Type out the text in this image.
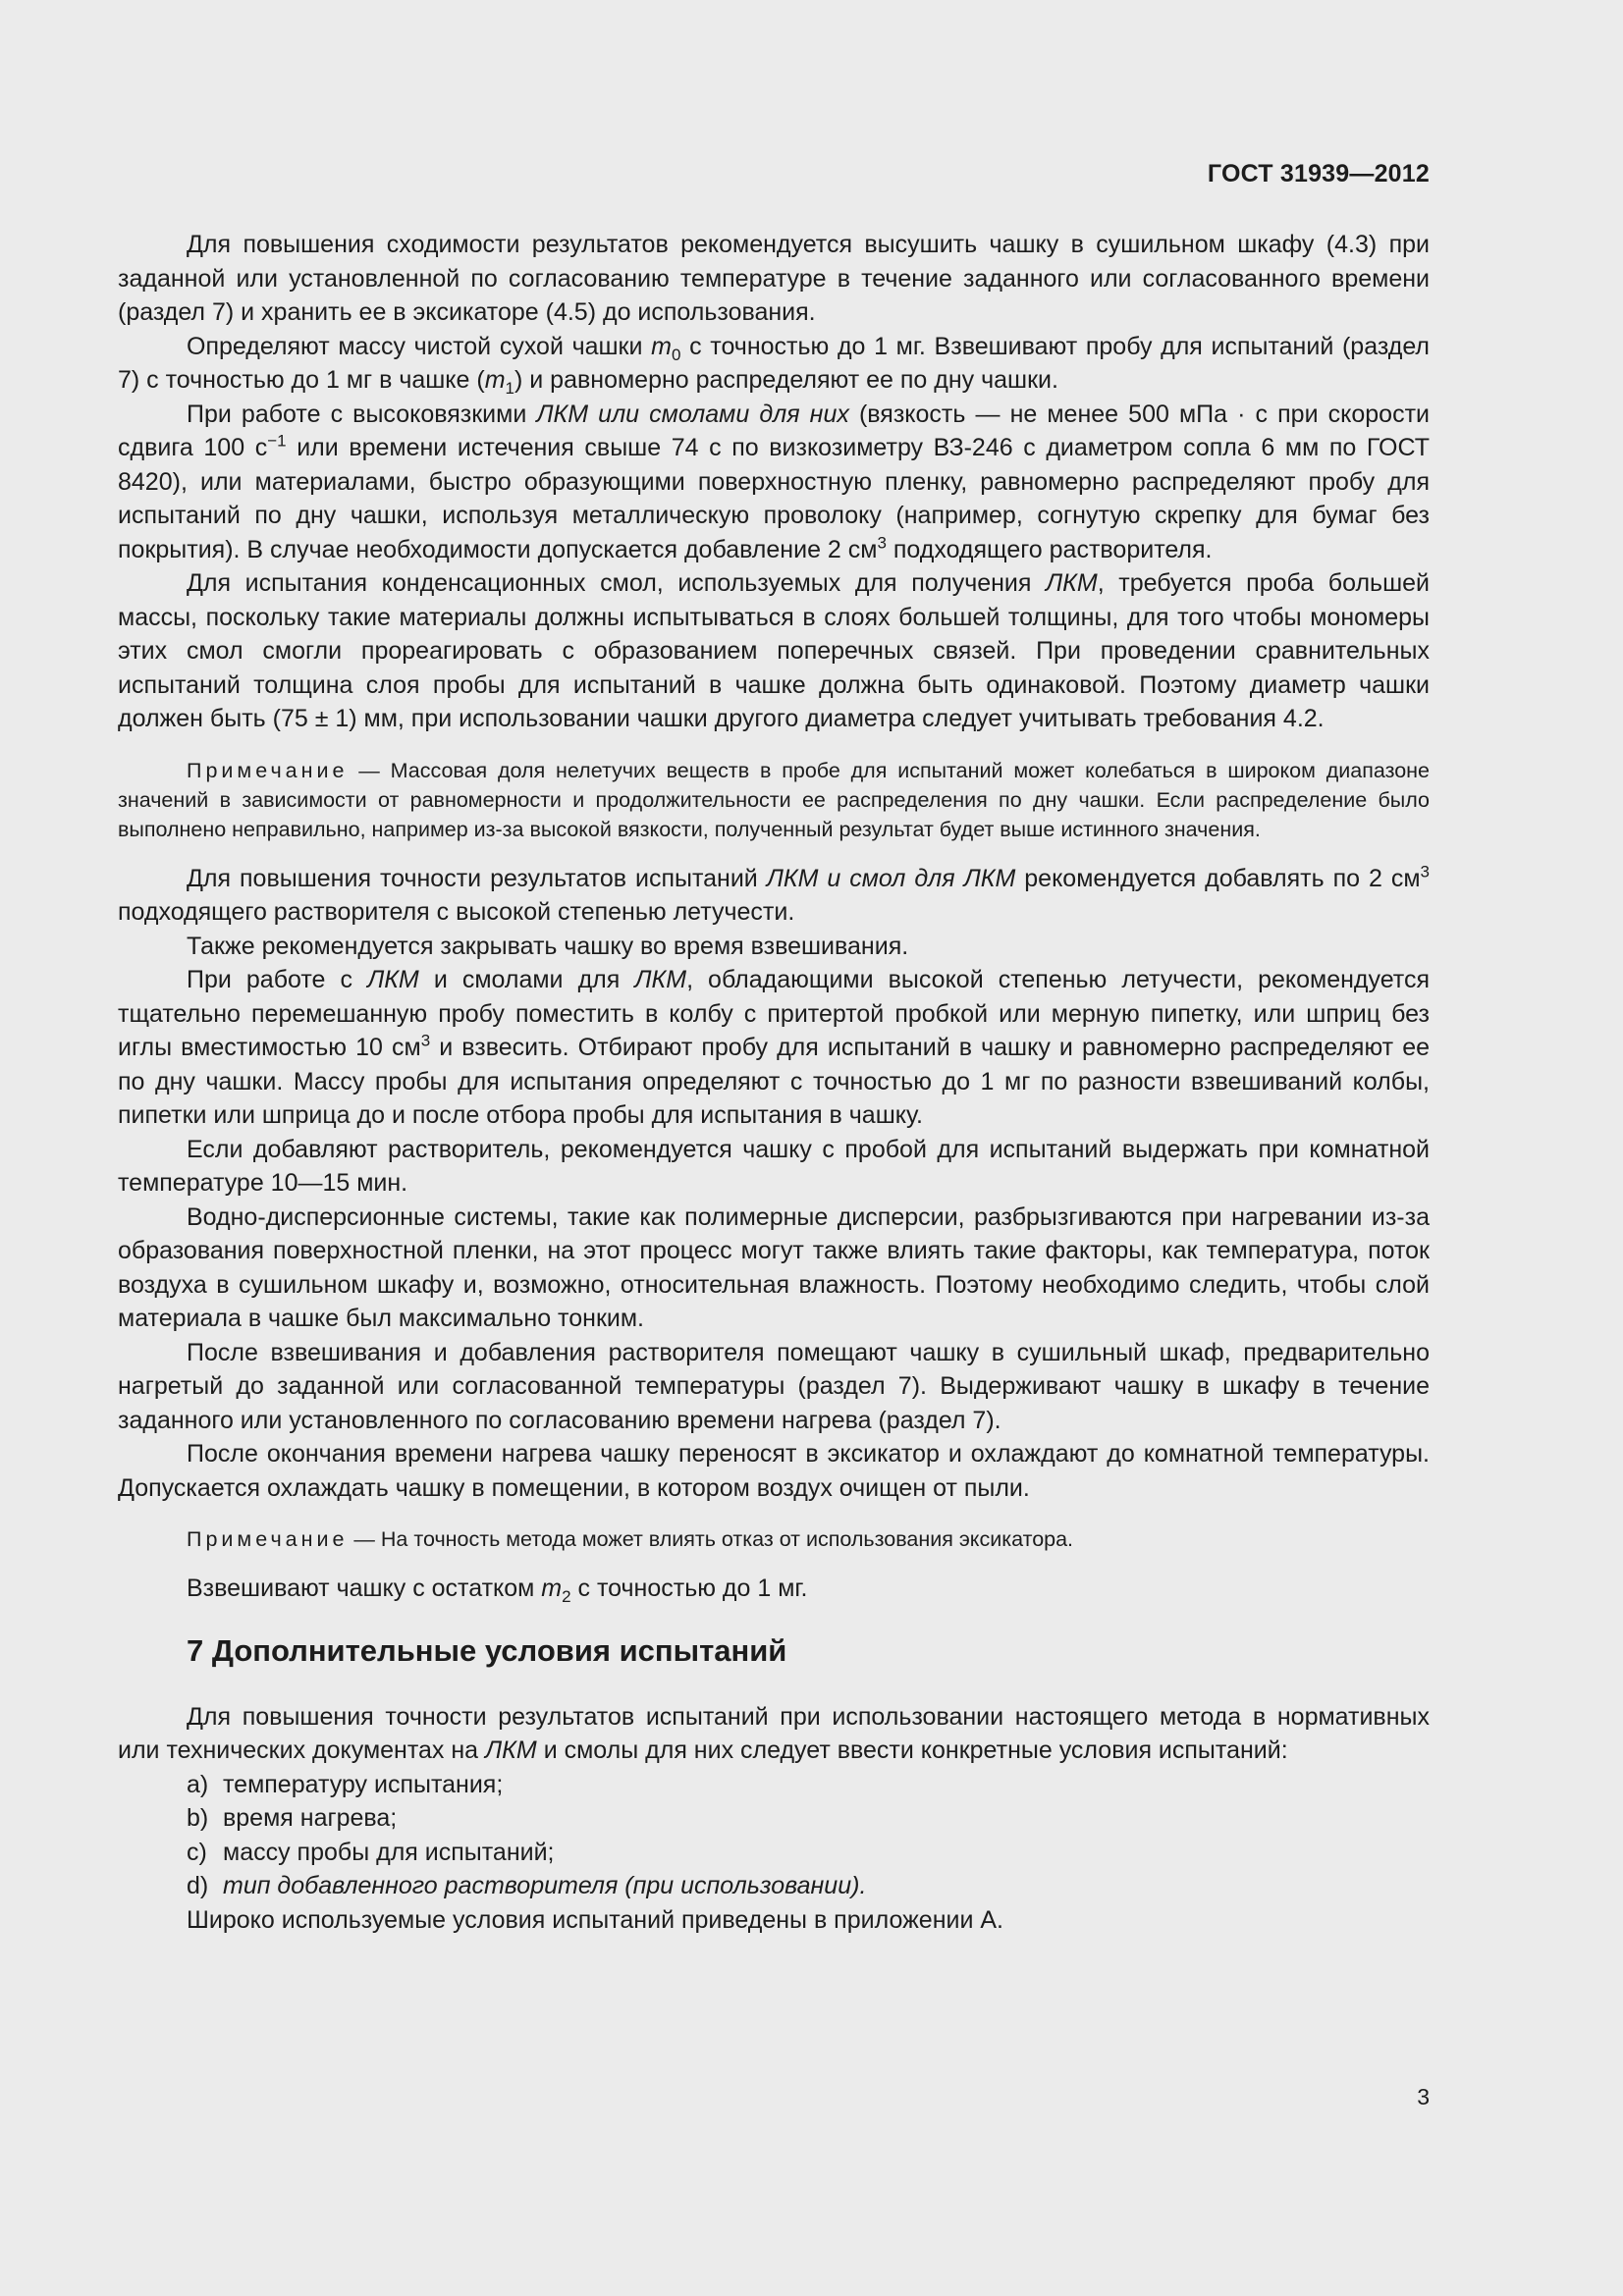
ГОСТ 31939—2012

Для повышения сходимости результатов рекомендуется высушить чашку в сушильном шкафу (4.3) при заданной или установленной по согласованию температуре в течение заданного или согласованного времени (раздел 7) и хранить ее в эксикаторе (4.5) до использования.

Определяют массу чистой сухой чашки $m_0$ с точностью до 1 мг. Взвешивают пробу для испытаний (раздел 7) с точностью до 1 мг в чашке $(m_1)$ и равномерно распределяют ее по дну чашки.

При работе с высоковязкими ЛКМ или смолами для них (вязкость — не менее 500 мПа · с при скорости сдвига 100 $с^{-1}$ или времени истечения свыше 74 с по визкозиметру ВЗ-246 с диаметром сопла 6 мм по ГОСТ 8420), или материалами, быстро образующими поверхностную пленку, равномерно распределяют пробу для испытаний по дну чашки, используя металлическую проволоку (например, согнутую скрепку для бумаг без покрытия). В случае необходимости допускается добавление 2 $см^3$ подходящего растворителя.

Для испытания конденсационных смол, используемых для получения ЛКМ, требуется проба большей массы, поскольку такие материалы должны испытываться в слоях большей толщины, для того чтобы мономеры этих смол смогли прореагировать с образованием поперечных связей. При проведении сравнительных испытаний толщина слоя пробы для испытаний в чашке должна быть одинаковой. Поэтому диаметр чашки должен быть (75 ± 1) мм, при использовании чашки другого диаметра следует учитывать требования 4.2.

Примечание — Массовая доля нелетучих веществ в пробе для испытаний может колебаться в широком диапазоне значений в зависимости от равномерности и продолжительности ее распределения по дну чашки. Если распределение было выполнено неправильно, например из-за высокой вязкости, полученный результат будет выше истинного значения.

Для повышения точности результатов испытаний ЛКМ и смол для ЛКМ рекомендуется добавлять по 2 $см^3$ подходящего растворителя с высокой степенью летучести.

Также рекомендуется закрывать чашку во время взвешивания.

При работе с ЛКМ и смолами для ЛКМ, обладающими высокой степенью летучести, рекомендуется тщательно перемешанную пробу поместить в колбу с притертой пробкой или мерную пипетку, или шприц без иглы вместимостью 10 $см^3$ и взвесить. Отбирают пробу для испытаний в чашку и равномерно распределяют ее по дну чашки. Массу пробы для испытания определяют с точностью до 1 мг по разности взвешиваний колбы, пипетки или шприца до и после отбора пробы для испытания в чашку.

Если добавляют растворитель, рекомендуется чашку с пробой для испытаний выдержать при комнатной температуре 10—15 мин.

Водно-дисперсионные системы, такие как полимерные дисперсии, разбрызгиваются при нагревании из-за образования поверхностной пленки, на этот процесс могут также влиять такие факторы, как температура, поток воздуха в сушильном шкафу и, возможно, относительная влажность. Поэтому необходимо следить, чтобы слой материала в чашке был максимально тонким.

После взвешивания и добавления растворителя помещают чашку в сушильный шкаф, предварительно нагретый до заданной или согласованной температуры (раздел 7). Выдерживают чашку в шкафу в течение заданного или установленного по согласованию времени нагрева (раздел 7).

После окончания времени нагрева чашку переносят в эксикатор и охлаждают до комнатной температуры. Допускается охлаждать чашку в помещении, в котором воздух очищен от пыли.

Примечание — На точность метода может влиять отказ от использования эксикатора.

Взвешивают чашку с остатком $m_2$ с точностью до 1 мг.

7 Дополнительные условия испытаний

Для повышения точности результатов испытаний при использовании настоящего метода в нормативных или технических документах на ЛКМ и смолы для них следует ввести конкретные условия испытаний:

a) температуру испытания;

b) время нагрева;

c) массу пробы для испытаний;

d) тип добавленного растворителя (при использовании).

Широко используемые условия испытаний приведены в приложении А.

3
